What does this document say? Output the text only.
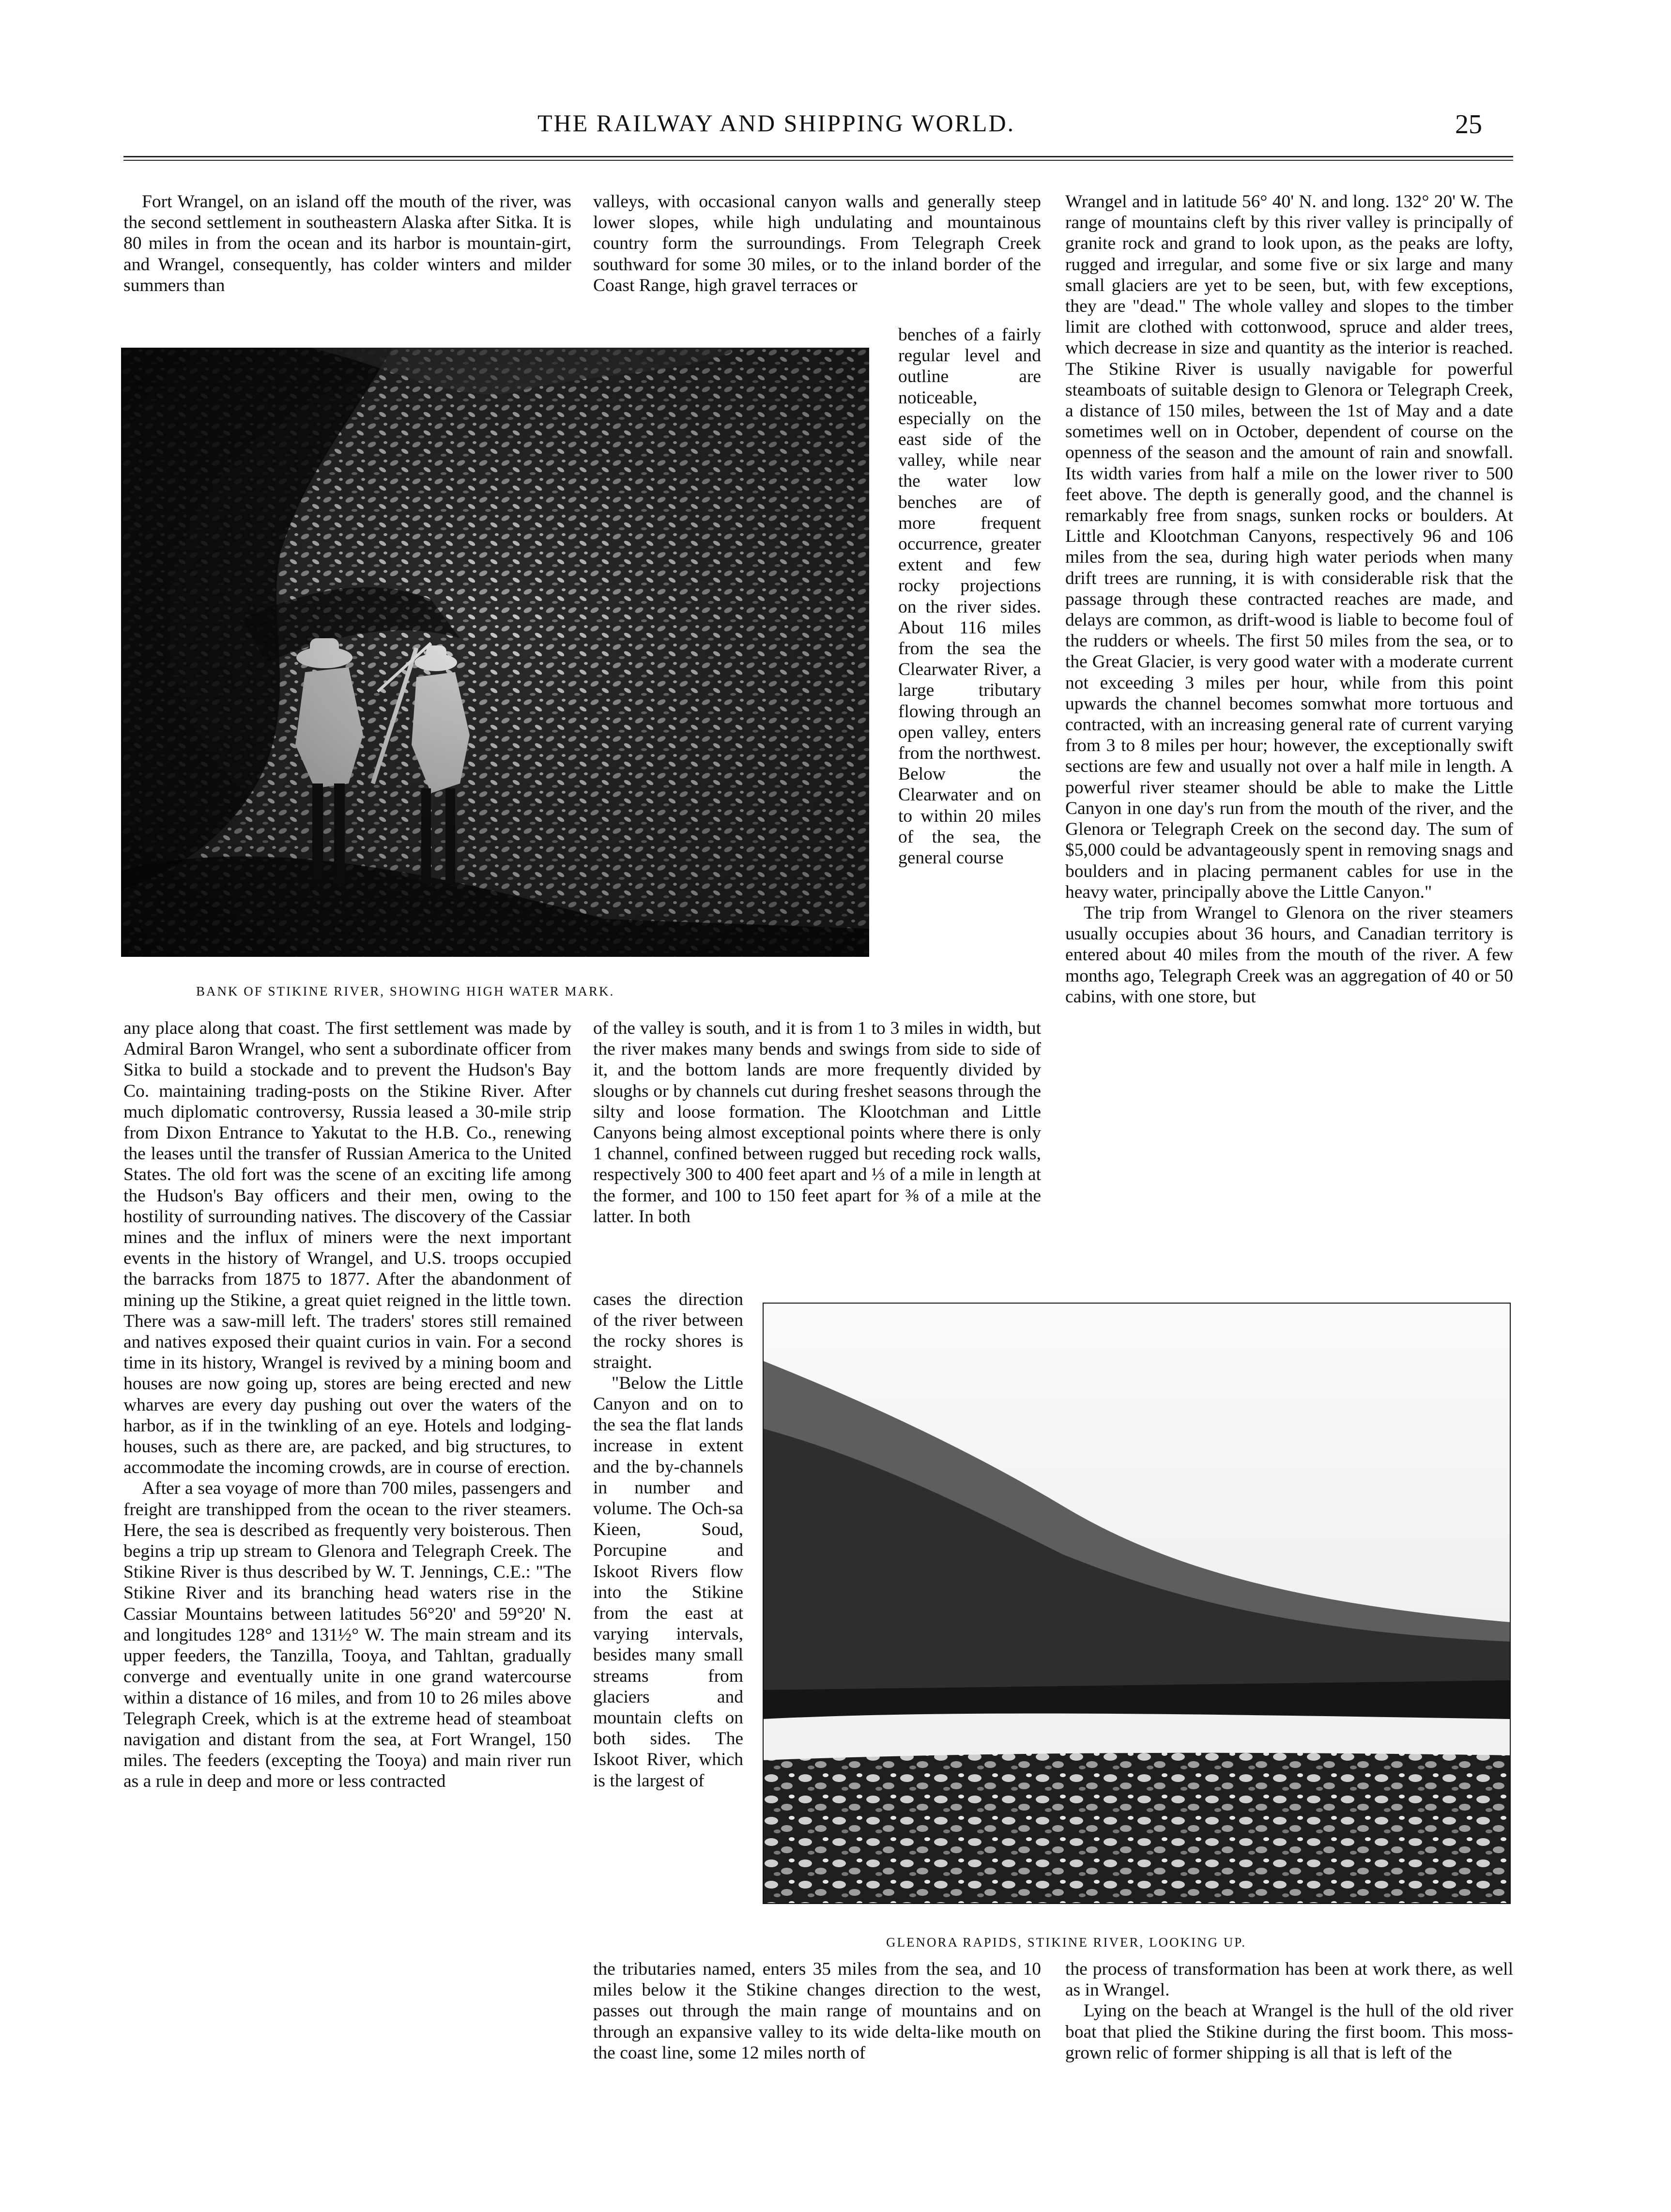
THE RAILWAY AND SHIPPING WORLD.	25

Fort Wrangel, on an island off the mouth of the river, was the second settlement in southeastern Alaska after Sitka. It is 80 miles in from the ocean and its harbor is mountain-girt, and Wrangel, consequently, has colder winters and milder summers than

benches of a fairly regular level and outline are noticeable, especially on the east side of the valley, while near the water low benches are of more frequent occurrence, greater extent and few rocky projections on the river sides. About 116 miles from the sea the Clearwater River, a large tributary flowing through an open valley, enters from the northwest. Below the Clearwater and on to within 20 miles of the sea, the general course

valleys, with occasional canyon walls and generally steep lower slopes, while high undulating and mountainous country form the surroundings. From Telegraph Creek southward for some 30 miles, or to the inland border of the Coast Range, high gravel terraces or

BANK OF STIKINE RIVER, SHOWING HIGH WATER MARK.

any place along that coast. The first settlement was made by Admiral Baron Wrangel, who sent a subordinate officer from Sitka to build a stockade and to prevent the Hudson's Bay Co. maintaining trading-posts on the Stikine River. After much diplomatic controversy, Russia leased a 30-mile strip from Dixon Entrance to Yakutat to the H.B. Co., renewing the leases until the transfer of Russian America to the United States. The old fort was the scene of an exciting life among the Hudson's Bay officers and their men, owing to the hostility of surrounding natives. The discovery of the Cassiar mines and the influx of miners were the next important events in the history of Wrangel, and U.S. troops occupied the barracks from 1875 to 1877. After the abandonment of mining up the Stikine, a great quiet reigned in the little town. There was a saw-mill left. The traders' stores still remained and natives exposed their quaint curios in vain. For a second time in its history, Wrangel is revived by a mining boom and houses are now going up, stores are being erected and new wharves are every day pushing out over the waters of the harbor, as if in the twinkling of an eye. Hotels and lodging-houses, such as there are, are packed, and big structures, to accommodate the incoming crowds, are in course of erection.

After a sea voyage of more than 700 miles, passengers and freight are transhipped from the ocean to the river steamers. Here, the sea is described as frequently very boisterous. Then begins a trip up stream to Glenora and Telegraph Creek. The Stikine River is thus described by W. T. Jennings, C.E.: "The Stikine River and its branching head waters rise in the Cassiar Mountains between latitudes 56°20' and 59°20' N. and longitudes 128° and 131½° W. The main stream and its upper feeders, the Tanzilla, Tooya, and Tahltan, gradually converge and eventually unite in one grand watercourse within a distance of 16 miles, and from 10 to 26 miles above Telegraph Creek, which is at the extreme head of steamboat navigation and distant from the sea, at Fort Wrangel, 150 miles. The feeders (excepting the Tooya) and main river run as a rule in deep and more or less contracted

of the valley is south, and it is from 1 to 3 miles in width, but the river makes many bends and swings from side to side of it, and the bottom lands are more frequently divided by sloughs or by channels cut during freshet seasons through the silty and loose formation. The Klootchman and Little Canyons being almost exceptional points where there is only 1 channel, confined between rugged but receding rock walls, respectively 300 to 400 feet apart and ⅓ of a mile in length at the former, and 100 to 150 feet apart for ⅜ of a mile at the latter. In both

cases the direction of the river between the rocky shores is straight.

"Below the Little Canyon and on to the sea the flat lands increase in extent and the by-channels in number and volume. The Och-sa Kieen, Soud, Porcupine and Iskoot Rivers flow into the Stikine from the east at varying intervals, besides many small streams from glaciers and mountain clefts on both sides. The Iskoot River, which is the largest of

Wrangel and in latitude 56° 40' N. and long. 132° 20' W. The range of mountains cleft by this river valley is principally of granite rock and grand to look upon, as the peaks are lofty, rugged and irregular, and some five or six large and many small glaciers are yet to be seen, but, with few exceptions, they are "dead." The whole valley and slopes to the timber limit are clothed with cottonwood, spruce and alder trees, which decrease in size and quantity as the interior is reached. The Stikine River is usually navigable for powerful steamboats of suitable design to Glenora or Telegraph Creek, a distance of 150 miles, between the 1st of May and a date sometimes well on in October, dependent of course on the openness of the season and the amount of rain and snowfall. Its width varies from half a mile on the lower river to 500 feet above. The depth is generally good, and the channel is remarkably free from snags, sunken rocks or boulders. At Little and Klootchman Canyons, respectively 96 and 106 miles from the sea, during high water periods when many drift trees are running, it is with considerable risk that the passage through these contracted reaches are made, and delays are common, as drift-wood is liable to become foul of the rudders or wheels. The first 50 miles from the sea, or to the Great Glacier, is very good water with a moderate current not exceeding 3 miles per hour, while from this point upwards the channel becomes somwhat more tortuous and contracted, with an increasing general rate of current varying from 3 to 8 miles per hour; however, the exceptionally swift sections are few and usually not over a half mile in length. A powerful river steamer should be able to make the Little Canyon in one day's run from the mouth of the river, and the Glenora or Telegraph Creek on the second day. The sum of $5,000 could be advantageously spent in removing snags and boulders and in placing permanent cables for use in the heavy water, principally above the Little Canyon."

The trip from Wrangel to Glenora on the river steamers usually occupies about 36 hours, and Canadian territory is entered about 40 miles from the mouth of the river. A few months ago, Telegraph Creek was an aggregation of 40 or 50 cabins, with one store, but

GLENORA RAPIDS, STIKINE RIVER, LOOKING UP.

the tributaries named, enters 35 miles from the sea, and 10 miles below it the Stikine changes direction to the west, passes out through the main range of mountains and on through an expansive valley to its wide delta-like mouth on the coast line, some 12 miles north of

the process of transformation has been at work there, as well as in Wrangel.

Lying on the beach at Wrangel is the hull of the old river boat that plied the Stikine during the first boom. This moss-grown relic of former shipping is all that is left of the
